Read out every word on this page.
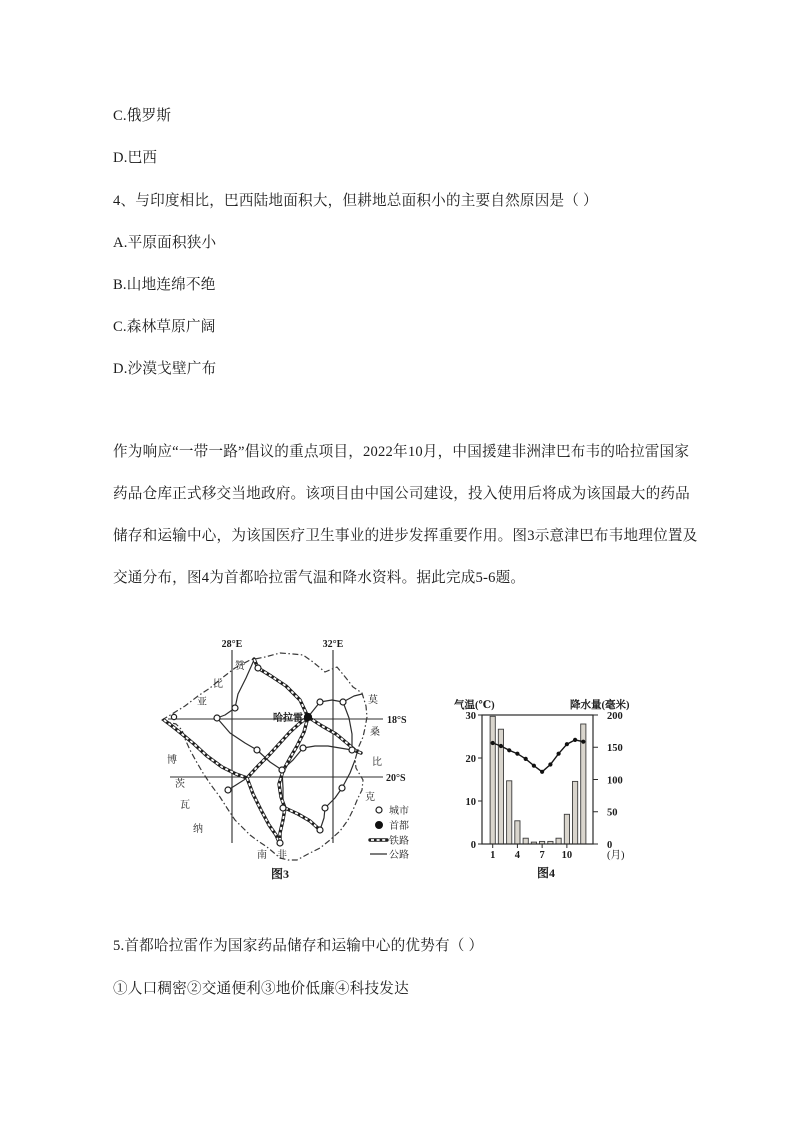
C.俄罗斯
D.巴西
4、与印度相比，巴西陆地面积大，但耕地总面积小的主要自然原因是（ ）
A.平原面积狭小
B.山地连绵不绝
C.森林草原广阔
D.沙漠戈壁广布
作为响应“一带一路”倡议的重点项目，2022年10月，中国援建非洲津巴布韦的哈拉雷国家
药品仓库正式移交当地政府。该项目由中国公司建设，投入使用后将成为该国最大的药品
储存和运输中心，为该国医疗卫生事业的进步发挥重要作用。图3示意津巴布韦地理位置及
交通分布，图4为首都哈拉雷气温和降水资料。据此完成5-6题。
28°E	32°E
18°S
20°S
哈拉雷
赞
比
亚	莫
桑
比
克
博
茨
瓦
纳
南 非
城市
首都
铁路
公路
图3
气温(℃)	降水量(毫米)
0
10
20
30
0
50
100
150
200
1 4 7 10	(月)
图4
5.首都哈拉雷作为国家药品储存和运输中心的优势有（ ）
①人口稠密②交通便利③地价低廉④科技发达
